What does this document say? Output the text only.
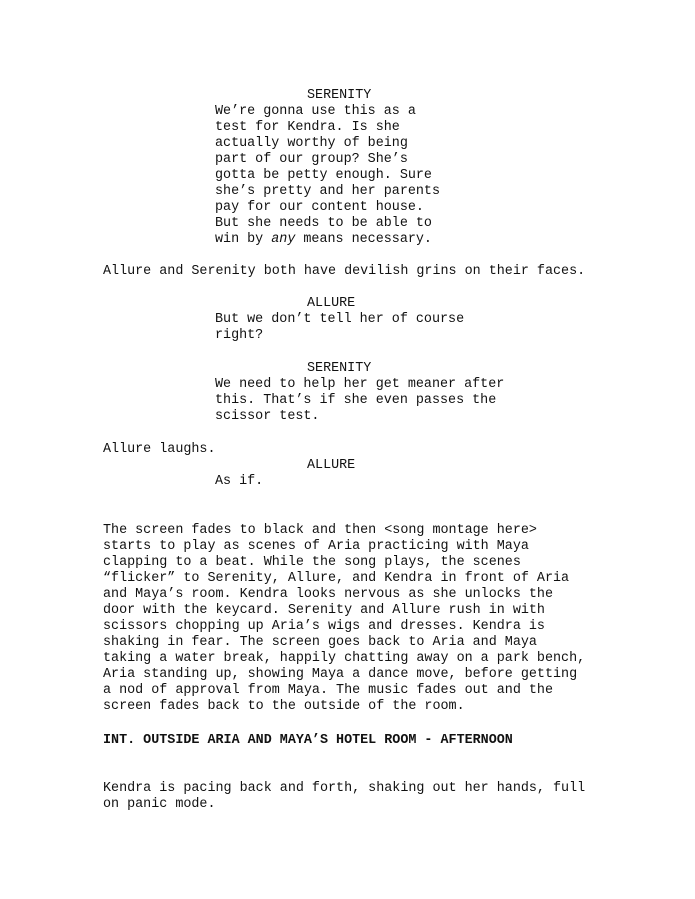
SERENITY
We’re gonna use this as a
test for Kendra. Is she
actually worthy of being
part of our group? She’s
gotta be petty enough. Sure
she’s pretty and her parents
pay for our content house.
But she needs to be able to
win by any means necessary.
Allure and Serenity both have devilish grins on their faces.
ALLURE
But we don’t tell her of course
right?
SERENITY
We need to help her get meaner after
this. That’s if she even passes the
scissor test.
Allure laughs.
ALLURE
As if.
The screen fades to black and then <song montage here>
starts to play as scenes of Aria practicing with Maya
clapping to a beat. While the song plays, the scenes
“flicker” to Serenity, Allure, and Kendra in front of Aria
and Maya’s room. Kendra looks nervous as she unlocks the
door with the keycard. Serenity and Allure rush in with
scissors chopping up Aria’s wigs and dresses. Kendra is
shaking in fear. The screen goes back to Aria and Maya
taking a water break, happily chatting away on a park bench,
Aria standing up, showing Maya a dance move, before getting
a nod of approval from Maya. The music fades out and the
screen fades back to the outside of the room.
INT. OUTSIDE ARIA AND MAYA’S HOTEL ROOM - AFTERNOON
Kendra is pacing back and forth, shaking out her hands, full
on panic mode.
